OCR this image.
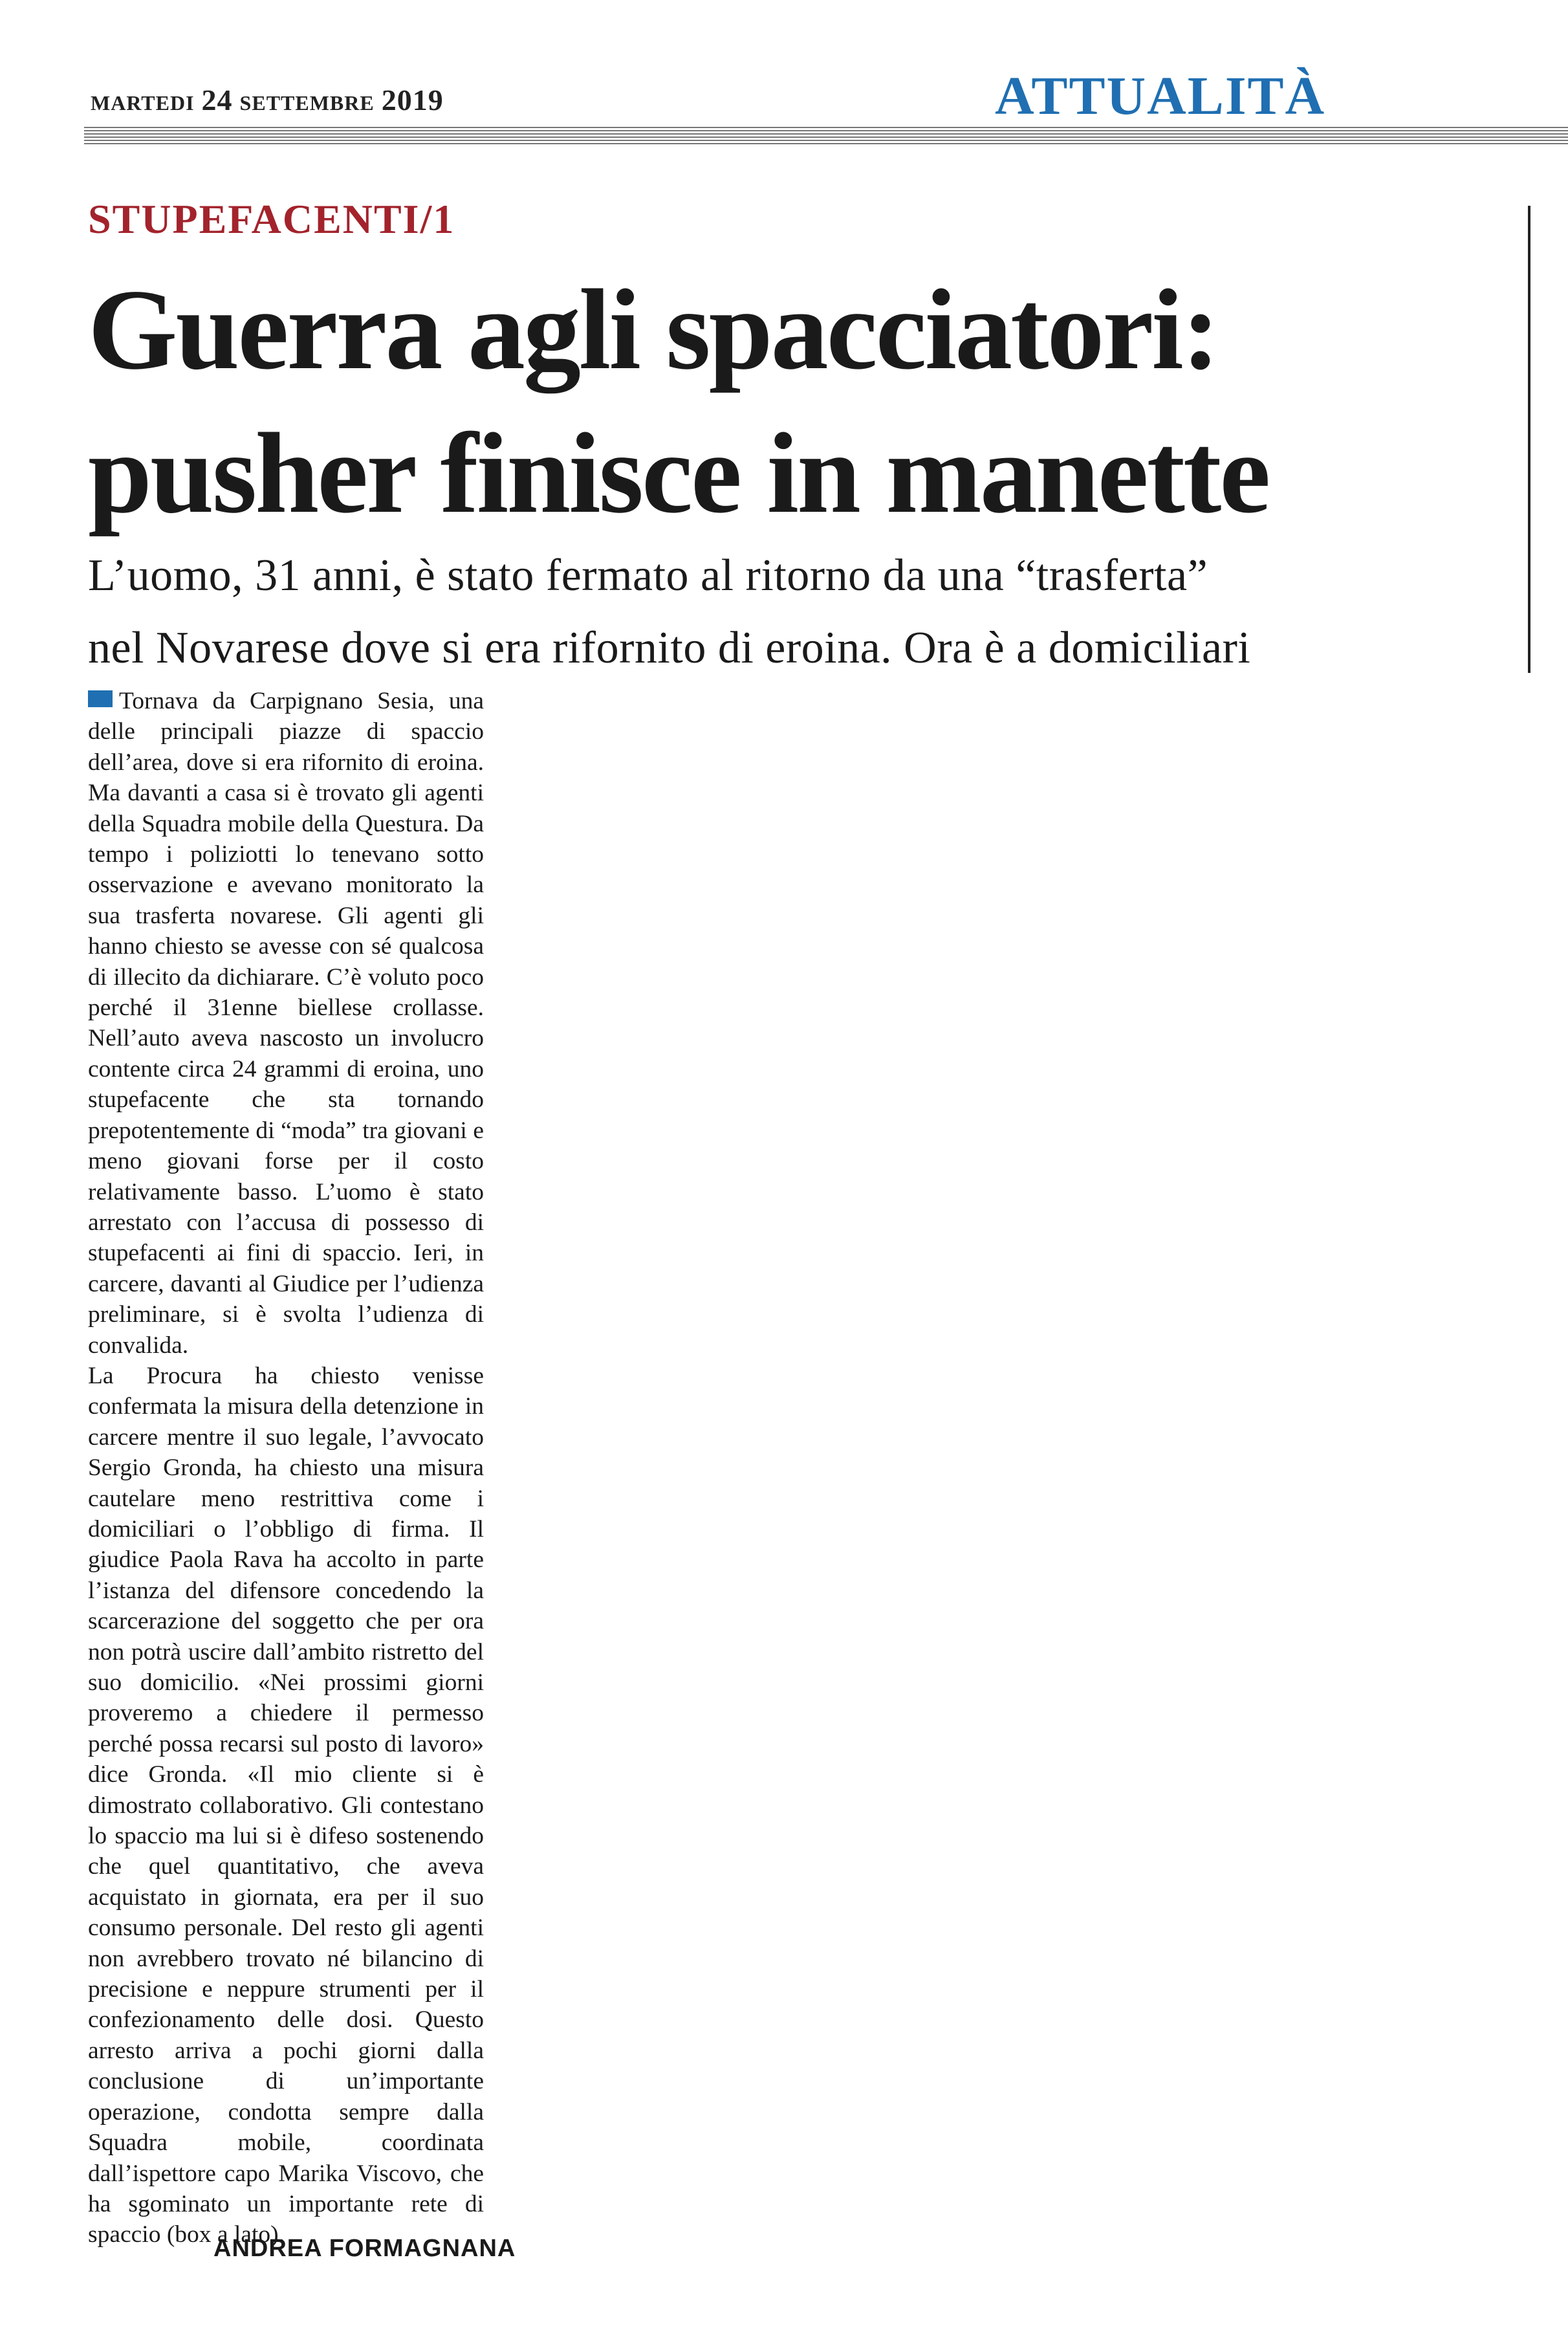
MARTEDI 24 SETTEMBRE 2019	ATTUALITÀ
STUPEFACENTI/1
Guerra agli spacciatori:
pusher finisce in manette
L’uomo, 31 anni, è stato fermato al ritorno da una “trasferta”
nel Novarese dove si era rifornito di eroina. Ora è a domiciliari

Tornava da Carpignano Sesia, una delle principali piazze di spaccio dell’area, dove si era rifornito di eroina. Ma davanti a casa si è trovato gli agenti della Squadra mobile della Questura. Da tempo i poliziotti lo tenevano sotto osservazione e avevano monitorato la sua trasferta novarese. Gli agenti gli hanno chiesto se avesse con sé qualcosa di illecito da dichiarare. C’è voluto poco perché il 31enne biellese crollasse. Nell’auto aveva nascosto un involucro contente circa 24 grammi di eroina, uno stupefacente che sta tornando prepotentemente di “moda” tra giovani e meno giovani forse per il costo relativamente basso. L’uomo è stato arrestato con l’accusa di possesso di stupefacenti ai fini di spaccio. Ieri, in carcere, davanti al Giudice per l’udienza preliminare, si è svolta l’udienza di convalida.

La Procura ha chiesto venisse confermata la misura della detenzione in carcere mentre il suo legale, l’avvocato Sergio Gronda, ha chiesto una misura cautelare meno restrittiva come i domiciliari o l’obbligo di firma. Il giudice Paola Rava ha accolto in parte l’istanza del difensore concedendo la scarcerazione del soggetto che per ora non potrà uscire dall’ambito ristretto del suo domicilio. «Nei prossimi giorni proveremo a chiedere il permesso perché possa recarsi sul posto di lavoro» dice Gronda. «Il mio cliente si è dimostrato collaborativo. Gli contestano lo spaccio ma lui si è difeso sostenendo che quel quantitativo, che aveva acquistato in giornata, era per il suo consumo personale. Del resto gli agenti non avrebbero trovato né bilancino di precisione e neppure strumenti per il confezionamento delle dosi. Questo arresto arriva a pochi giorni dalla conclusione di un’importante operazione, condotta sempre dalla Squadra mobile, coordinata dall’ispettore capo Marika Viscovo, che ha sgominato un importante rete di spaccio (box a lato).

ANDREA FORMAGNANA
